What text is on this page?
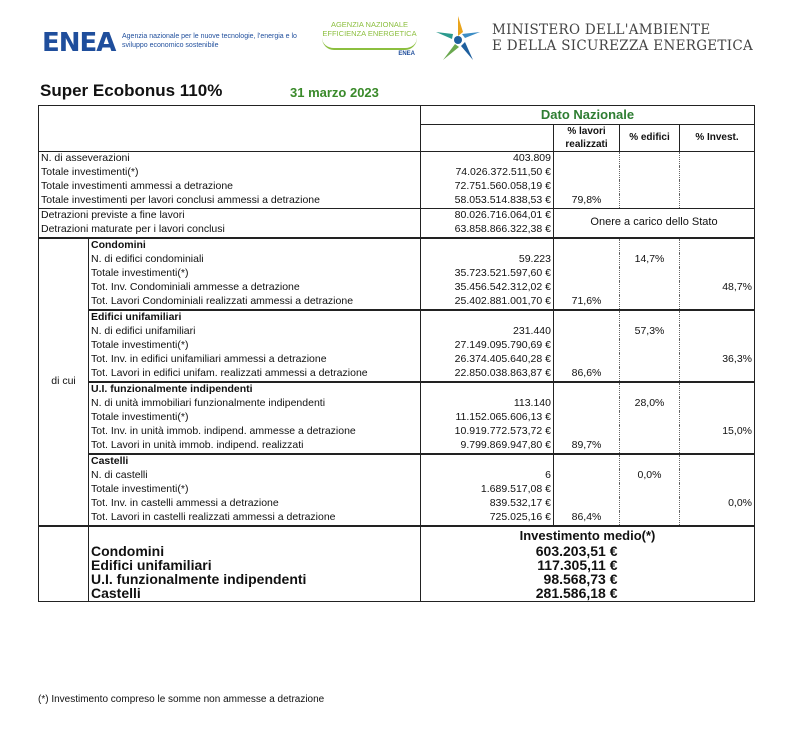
ENEA Agenzia nazionale per le nuove tecnologie, l'energia e lo sviluppo economico sostenibile
AGENZIA NAZIONALE
EFFICIENZA ENERGETICA
ENEA
MINISTERO DELL'AMBIENTE
E DELLA SICUREZZA ENERGETICA
Super Ecobonus 110%	31 marzo 2023
		Dato Nazionale			
			% lavori realizzati	% edifici	% Invest.
N. di asseverazioni		403.809			
Totale investimenti(*)		74.026.372.511,50 €			
Totale investimenti ammessi a detrazione		72.751.560.058,19 €			
Totale investimenti per lavori conclusi ammessi a detrazione		58.053.514.838,53 €	79,8%		
Detrazioni previste a fine lavori		80.026.716.064,01 €	Onere a carico dello Stato		
Detrazioni maturate per i lavori conclusi		63.858.866.322,38 €			
di cui	Condomini				
	N. di edifici condominiali	59.223		14,7%	
	Totale investimenti(*)	35.723.521.597,60 €			
	Tot. Inv. Condominiali ammesse a detrazione	35.456.542.312,02 €			48,7%
	Tot. Lavori Condominiali realizzati ammessi a detrazione	25.402.881.001,70 €	71,6%		
	Edifici unifamiliari				
	N. di edifici unifamiliari	231.440		57,3%	
	Totale investimenti(*)	27.149.095.790,69 €			
	Tot. Inv. in edifici unifamiliari ammessi a detrazione	26.374.405.640,28 €			36,3%
	Tot. Lavori in edifici unifam. realizzati ammessi a detrazione	22.850.038.863,87 €	86,6%		
	U.I. funzionalmente indipendenti				
	N. di unità immobiliari funzionalmente indipendenti	113.140		28,0%	
	Totale investimenti(*)	11.152.065.606,13 €			
	Tot. Inv. in unità immob. indipend. ammesse a detrazione	10.919.772.573,72 €			15,0%
	Tot. Lavori in unità immob. indipend. realizzati	9.799.869.947,80 €	89,7%		
	Castelli				
	N. di castelli	6		0,0%	
	Totale investimenti(*)	1.689.517,08 €			
	Tot. Inv. in castelli ammessi a detrazione	839.532,17 €			0,0%
	Tot. Lavori in castelli realizzati ammessi a detrazione	725.025,16 €	86,4%		
		Investimento medio(*)			
	Condomini	603.203,51 €			
	Edifici unifamiliari	117.305,11 €			
	U.I. funzionalmente indipendenti	98.568,73 €			
	Castelli	281.586,18 €			
(*) Investimento compreso le somme non ammesse a detrazione
